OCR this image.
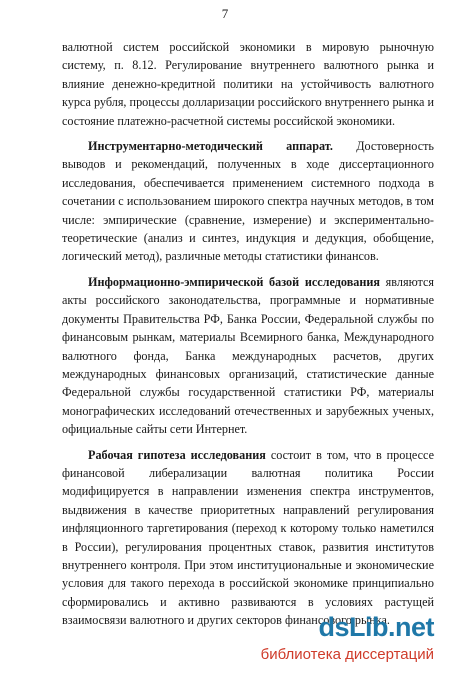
7

валютной систем российской экономики в мировую рыночную систему, п. 8.12. Регулирование внутреннего валютного рынка и влияние денежно-кредитной политики на устойчивость валютного курса рубля, процессы долларизации российского внутреннего рынка и состояние платежно-расчетной системы российской экономики.

Инструментарно-методический аппарат. Достоверность выводов и рекомендаций, полученных в ходе диссертационного исследования, обеспечивается применением системного подхода в сочетании с использованием широкого спектра научных методов, в том числе: эмпирические (сравнение, измерение) и экспериментально-теоретические (анализ и синтез, индукция и дедукция, обобщение, логический метод), различные методы статистики финансов.

Информационно-эмпирической базой исследования являются акты российского законодательства, программные и нормативные документы Правительства РФ, Банка России, Федеральной службы по финансовым рынкам, материалы Всемирного банка, Международного валютного фонда, Банка международных расчетов, других международных финансовых организаций, статистические данные Федеральной службы государственной статистики РФ, материалы монографических исследований отечественных и зарубежных ученых, официальные сайты сети Интернет.

Рабочая гипотеза исследования состоит в том, что в процессе финансовой либерализации валютная политика России модифицируется в направлении изменения спектра инструментов, выдвижения в качестве приоритетных направлений регулирования инфляционного таргетирования (переход к которому только наметился в России), регулирования процентных ставок, развития институтов внутреннего контроля. При этом институциональные и экономические условия для такого перехода в российской экономике принципиально сформировались и активно развиваются в условиях растущей взаимосвязи валютного и других секторов финансового рынка.

dsLib.net
библиотека диссертаций
